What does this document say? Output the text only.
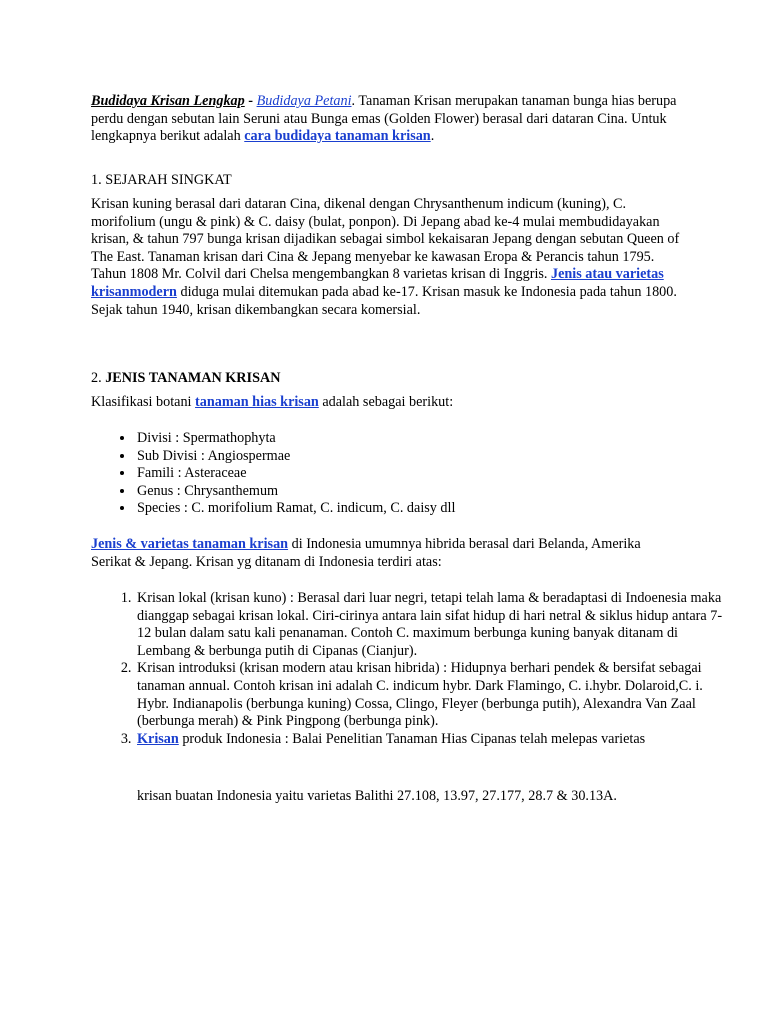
Budidaya Krisan Lengkap - Budidaya Petani. Tanaman Krisan merupakan tanaman bunga hias berupa perdu dengan sebutan lain Seruni atau Bunga emas (Golden Flower) berasal dari dataran Cina. Untuk lengkapnya berikut adalah cara budidaya tanaman krisan.

1. SEJARAH SINGKAT

Krisan kuning berasal dari dataran Cina, dikenal dengan Chrysanthenum indicum (kuning), C. morifolium (ungu & pink) & C. daisy (bulat, ponpon). Di Jepang abad ke-4 mulai membudidayakan krisan, & tahun 797 bunga krisan dijadikan sebagai simbol kekaisaran Jepang dengan sebutan Queen of The East. Tanaman krisan dari Cina & Jepang menyebar ke kawasan Eropa & Perancis tahun 1795. Tahun 1808 Mr. Colvil dari Chelsa mengembangkan 8 varietas krisan di Inggris. Jenis atau varietas krisanmodern diduga mulai ditemukan pada abad ke-17. Krisan masuk ke Indonesia pada tahun 1800. Sejak tahun 1940, krisan dikembangkan secara komersial.

2. JENIS TANAMAN KRISAN

Klasifikasi botani tanaman hias krisan adalah sebagai berikut:

• Divisi : Spermathophyta
• Sub Divisi : Angiospermae
• Famili : Asteraceae
• Genus : Chrysanthemum
• Species : C. morifolium Ramat, C. indicum, C. daisy dll

Jenis & varietas tanaman krisan di Indonesia umumnya hibrida berasal dari Belanda, Amerika Serikat & Jepang. Krisan yg ditanam di Indonesia terdiri atas:

1. Krisan lokal (krisan kuno) : Berasal dari luar negri, tetapi telah lama & beradaptasi di Indoenesia maka dianggap sebagai krisan lokal. Ciri-cirinya antara lain sifat hidup di hari netral & siklus hidup antara 7-12 bulan dalam satu kali penanaman. Contoh C. maximum berbunga kuning banyak ditanam di Lembang & berbunga putih di Cipanas (Cianjur).
2. Krisan introduksi (krisan modern atau krisan hibrida) : Hidupnya berhari pendek & bersifat sebagai tanaman annual. Contoh krisan ini adalah C. indicum hybr. Dark Flamingo, C. i.hybr. Dolaroid,C. i. Hybr. Indianapolis (berbunga kuning) Cossa, Clingo, Fleyer (berbunga putih), Alexandra Van Zaal (berbunga merah) & Pink Pingpong (berbunga pink).
3. Krisan produk Indonesia : Balai Penelitian Tanaman Hias Cipanas telah melepas varietas

krisan buatan Indonesia yaitu varietas Balithi 27.108, 13.97, 27.177, 28.7 & 30.13A.
